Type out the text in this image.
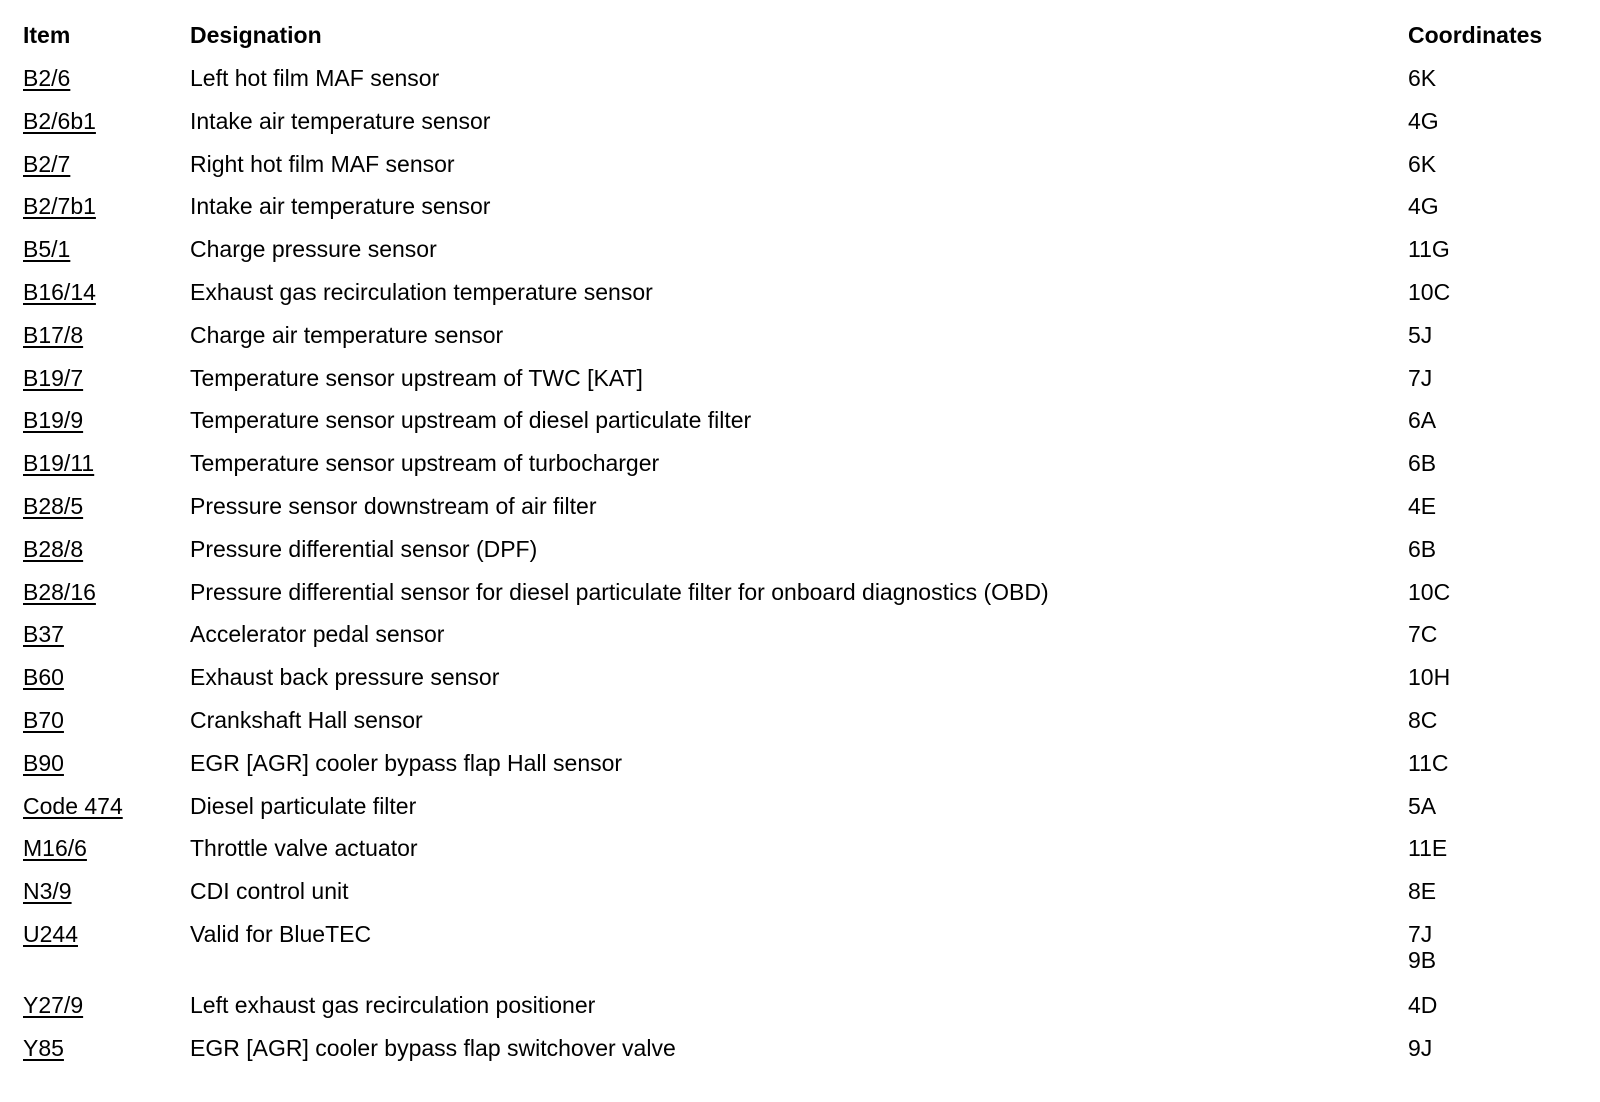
Item	Designation	Coordinates
B2/6	Left hot film MAF sensor	6K
B2/6b1	Intake air temperature sensor	4G
B2/7	Right hot film MAF sensor	6K
B2/7b1	Intake air temperature sensor	4G
B5/1	Charge pressure sensor	11G
B16/14	Exhaust gas recirculation temperature sensor	10C
B17/8	Charge air temperature sensor	5J
B19/7	Temperature sensor upstream of TWC [KAT]	7J
B19/9	Temperature sensor upstream of diesel particulate filter	6A
B19/11	Temperature sensor upstream of turbocharger	6B
B28/5	Pressure sensor downstream of air filter	4E
B28/8	Pressure differential sensor (DPF)	6B
B28/16	Pressure differential sensor for diesel particulate filter for onboard diagnostics (OBD)	10C
B37	Accelerator pedal sensor	7C
B60	Exhaust back pressure sensor	10H
B70	Crankshaft Hall sensor	8C
B90	EGR [AGR] cooler bypass flap Hall sensor	11C
Code 474	Diesel particulate filter	5A
M16/6	Throttle valve actuator	11E
N3/9	CDI control unit	8E
U244	Valid for BlueTEC	7J
9B
Y27/9	Left exhaust gas recirculation positioner	4D
Y85	EGR [AGR] cooler bypass flap switchover valve	9J
